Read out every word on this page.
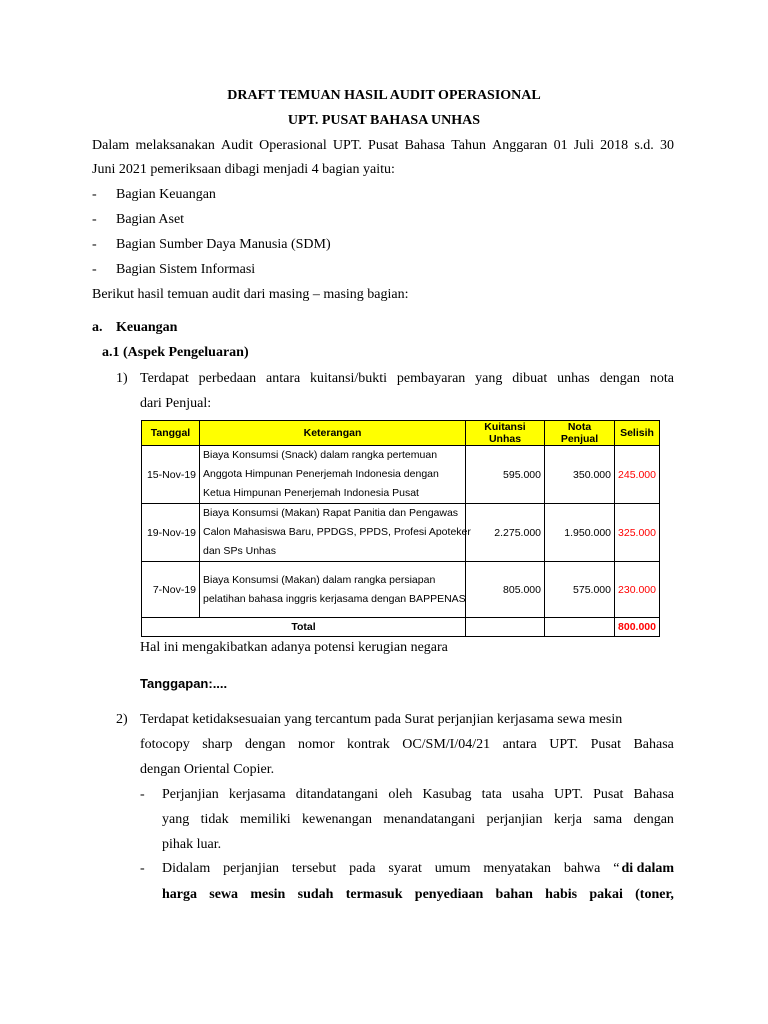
DRAFT TEMUAN HASIL AUDIT OPERASIONAL
UPT. PUSAT BAHASA UNHAS
Dalam melaksanakan Audit Operasional UPT. Pusat Bahasa Tahun Anggaran 01 Juli 2018 s.d. 30
Juni 2021 pemeriksaan dibagi menjadi 4 bagian yaitu:
- Bagian Keuangan
- Bagian Aset
- Bagian Sumber Daya Manusia (SDM)
- Bagian Sistem Informasi
Berikut hasil temuan audit dari masing – masing bagian:
a. Keuangan
a.1 (Aspek Pengeluaran)
1) Terdapat perbedaan antara kuitansi/bukti pembayaran yang dibuat unhas dengan nota
dari Penjual:
Tanggal	Keterangan	Kuitansi Unhas	Nota Penjual	Selisih
15-Nov-19	Biaya Konsumsi (Snack) dalam rangka pertemuan
Anggota Himpunan Penerjemah Indonesia dengan
Ketua Himpunan Penerjemah Indonesia Pusat	595.000	350.000	245.000
19-Nov-19	Biaya Konsumsi (Makan) Rapat Panitia dan Pengawas
Calon Mahasiswa Baru, PPDGS, PPDS, Profesi Apoteker
dan SPs Unhas	2.275.000	1.950.000	325.000
7-Nov-19	Biaya Konsumsi (Makan) dalam rangka persiapan
pelatihan bahasa inggris kerjasama dengan BAPPENAS	805.000	575.000	230.000
Total				800.000
Hal ini mengakibatkan adanya potensi kerugian negara
Tanggapan:....
2) Terdapat ketidaksesuaian yang tercantum pada Surat perjanjian kerjasama sewa mesin
fotocopy sharp dengan nomor kontrak OC/SM/I/04/21 antara UPT. Pusat Bahasa
dengan Oriental Copier.
- Perjanjian kerjasama ditandatangani oleh Kasubag tata usaha UPT. Pusat Bahasa
yang tidak memiliki kewenangan menandatangani perjanjian kerja sama dengan
pihak luar.
- Didalam perjanjian tersebut pada syarat umum menyatakan bahwa “ di dalam
harga sewa mesin sudah termasuk penyediaan bahan habis pakai (toner,
